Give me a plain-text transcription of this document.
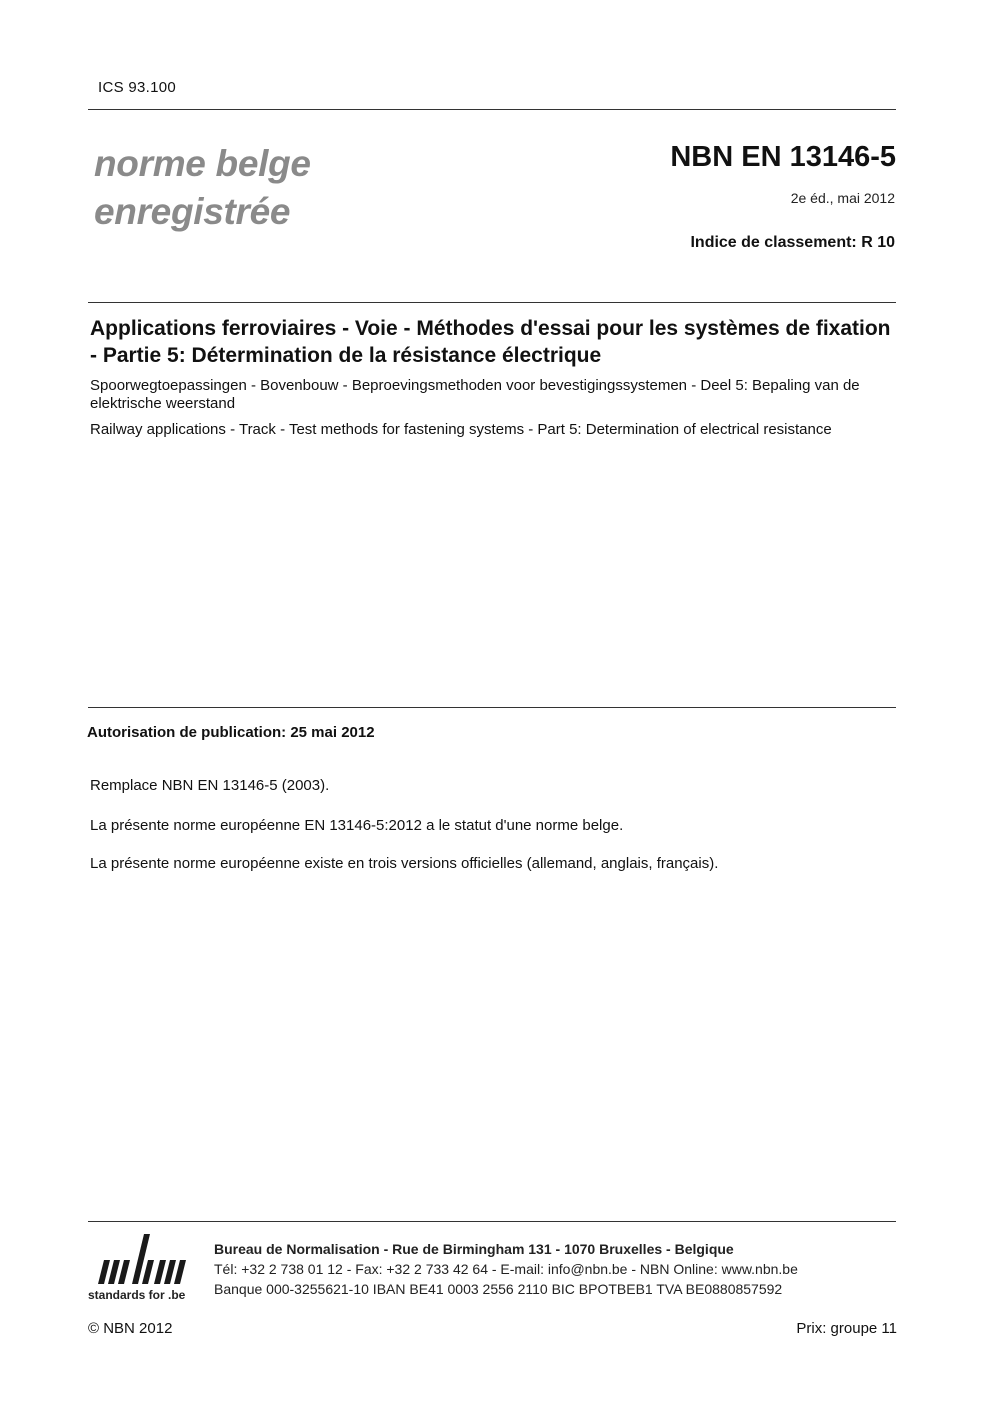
ICS 93.100
norme belge
enregistrée
NBN EN 13146-5
2e éd., mai 2012
Indice de classement: R 10
Applications ferroviaires - Voie - Méthodes d'essai pour les systèmes de fixation - Partie 5: Détermination de la résistance électrique
Spoorwegtoepassingen - Bovenbouw - Beproevingsmethoden voor bevestigingssystemen - Deel 5: Bepaling van de elektrische weerstand
Railway applications - Track - Test methods for fastening systems - Part 5: Determination of electrical resistance
Autorisation de publication: 25 mai 2012
Remplace NBN EN 13146-5 (2003).
La présente norme européenne EN 13146-5:2012 a le statut d'une norme belge.
La présente norme européenne existe en trois versions officielles (allemand, anglais, français).
standards for .be
Bureau de Normalisation - Rue de Birmingham 131 - 1070 Bruxelles - Belgique
Tél: +32 2 738 01 12 - Fax: +32 2 733 42 64 - E-mail: info@nbn.be - NBN Online: www.nbn.be
Banque 000-3255621-10 IBAN BE41 0003 2556 2110 BIC BPOTBEB1 TVA BE0880857592
© NBN 2012	Prix: groupe 11
